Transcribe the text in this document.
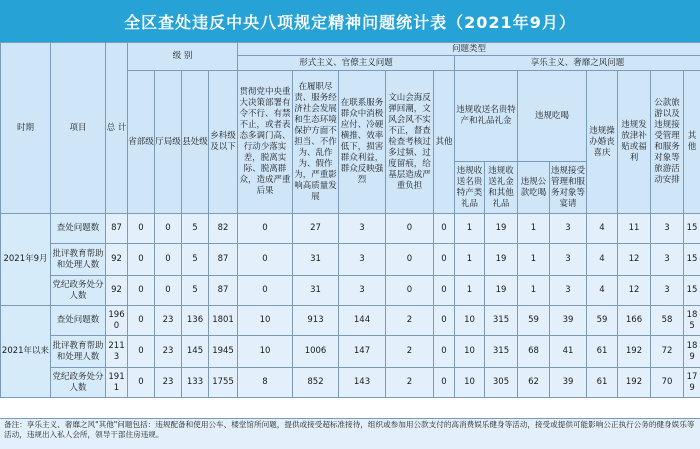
全区查处违反中央八项规定精神问题统计表（2021年9月）
时期	项目	总 计	级 别				问题类型												
							形式主义、官僚主义问题					享乐主义、奢靡之风问题							
			省部级	厅局级	县处级	乡科级及以下	贯彻党中央重大决策部署有令不行、有禁不止，或者表态多调门高、行动少落实差，脱离实际、脱离群众，造成严重后果	在履职尽责、服务经济社会发展和生态环境保护方面不担当、不作为、乱作为、假作为，严重影响高质量发展	在联系服务群众中消极应付、冷硬横推、效率低下，损害群众利益，群众反映强烈	文山会海反弹回潮，文风会风不实不正，督查检查考核过多过频、过度留痕，给基层造成严重负担	其他	违规收送名贵特产和礼品礼金		违规吃喝		违规操办婚丧喜庆	违规发放津补贴或福利	公款旅游以及违规接受管理和服务对象等旅游活动安排	其他
												违规收送名贵特产类礼品	违规收送礼金和其他礼品	违规公款吃喝	违规接受管理和服务对象等宴请				
2021年9月	查处问题数	87	0	0	5	82	0	27	3	0	0	1	19	1	3	4	11	3	15
	批评教育帮助和处理人数	92	0	0	5	87	0	31	3	0	0	1	19	1	3	4	12	3	15
	党纪政务处分人数	92	0	0	5	87	0	31	3	0	0	1	19	1	3	4	12	3	15
2021年以来	查处问题数	1960	0	23	136	1801	10	913	144	2	0	10	315	59	39	59	166	58	185
	批评教育帮助和处理人数	2113	0	23	145	1945	10	1006	147	2	0	10	315	68	41	61	192	72	189
	党纪政务处分人数	1911	0	23	133	1755	8	852	143	2	0	10	305	62	39	61	192	70	179
备注：享乐主义、奢靡之风"其他"问题包括：违规配备和使用公车、楼堂馆所问题，提供或接受超标准接待，组织或参加用公款支付的高消费娱乐健身等活动，接受或提供可能影响公正执行公务的健身娱乐等活动，违规出入私人会所，领导干部住房违规。
